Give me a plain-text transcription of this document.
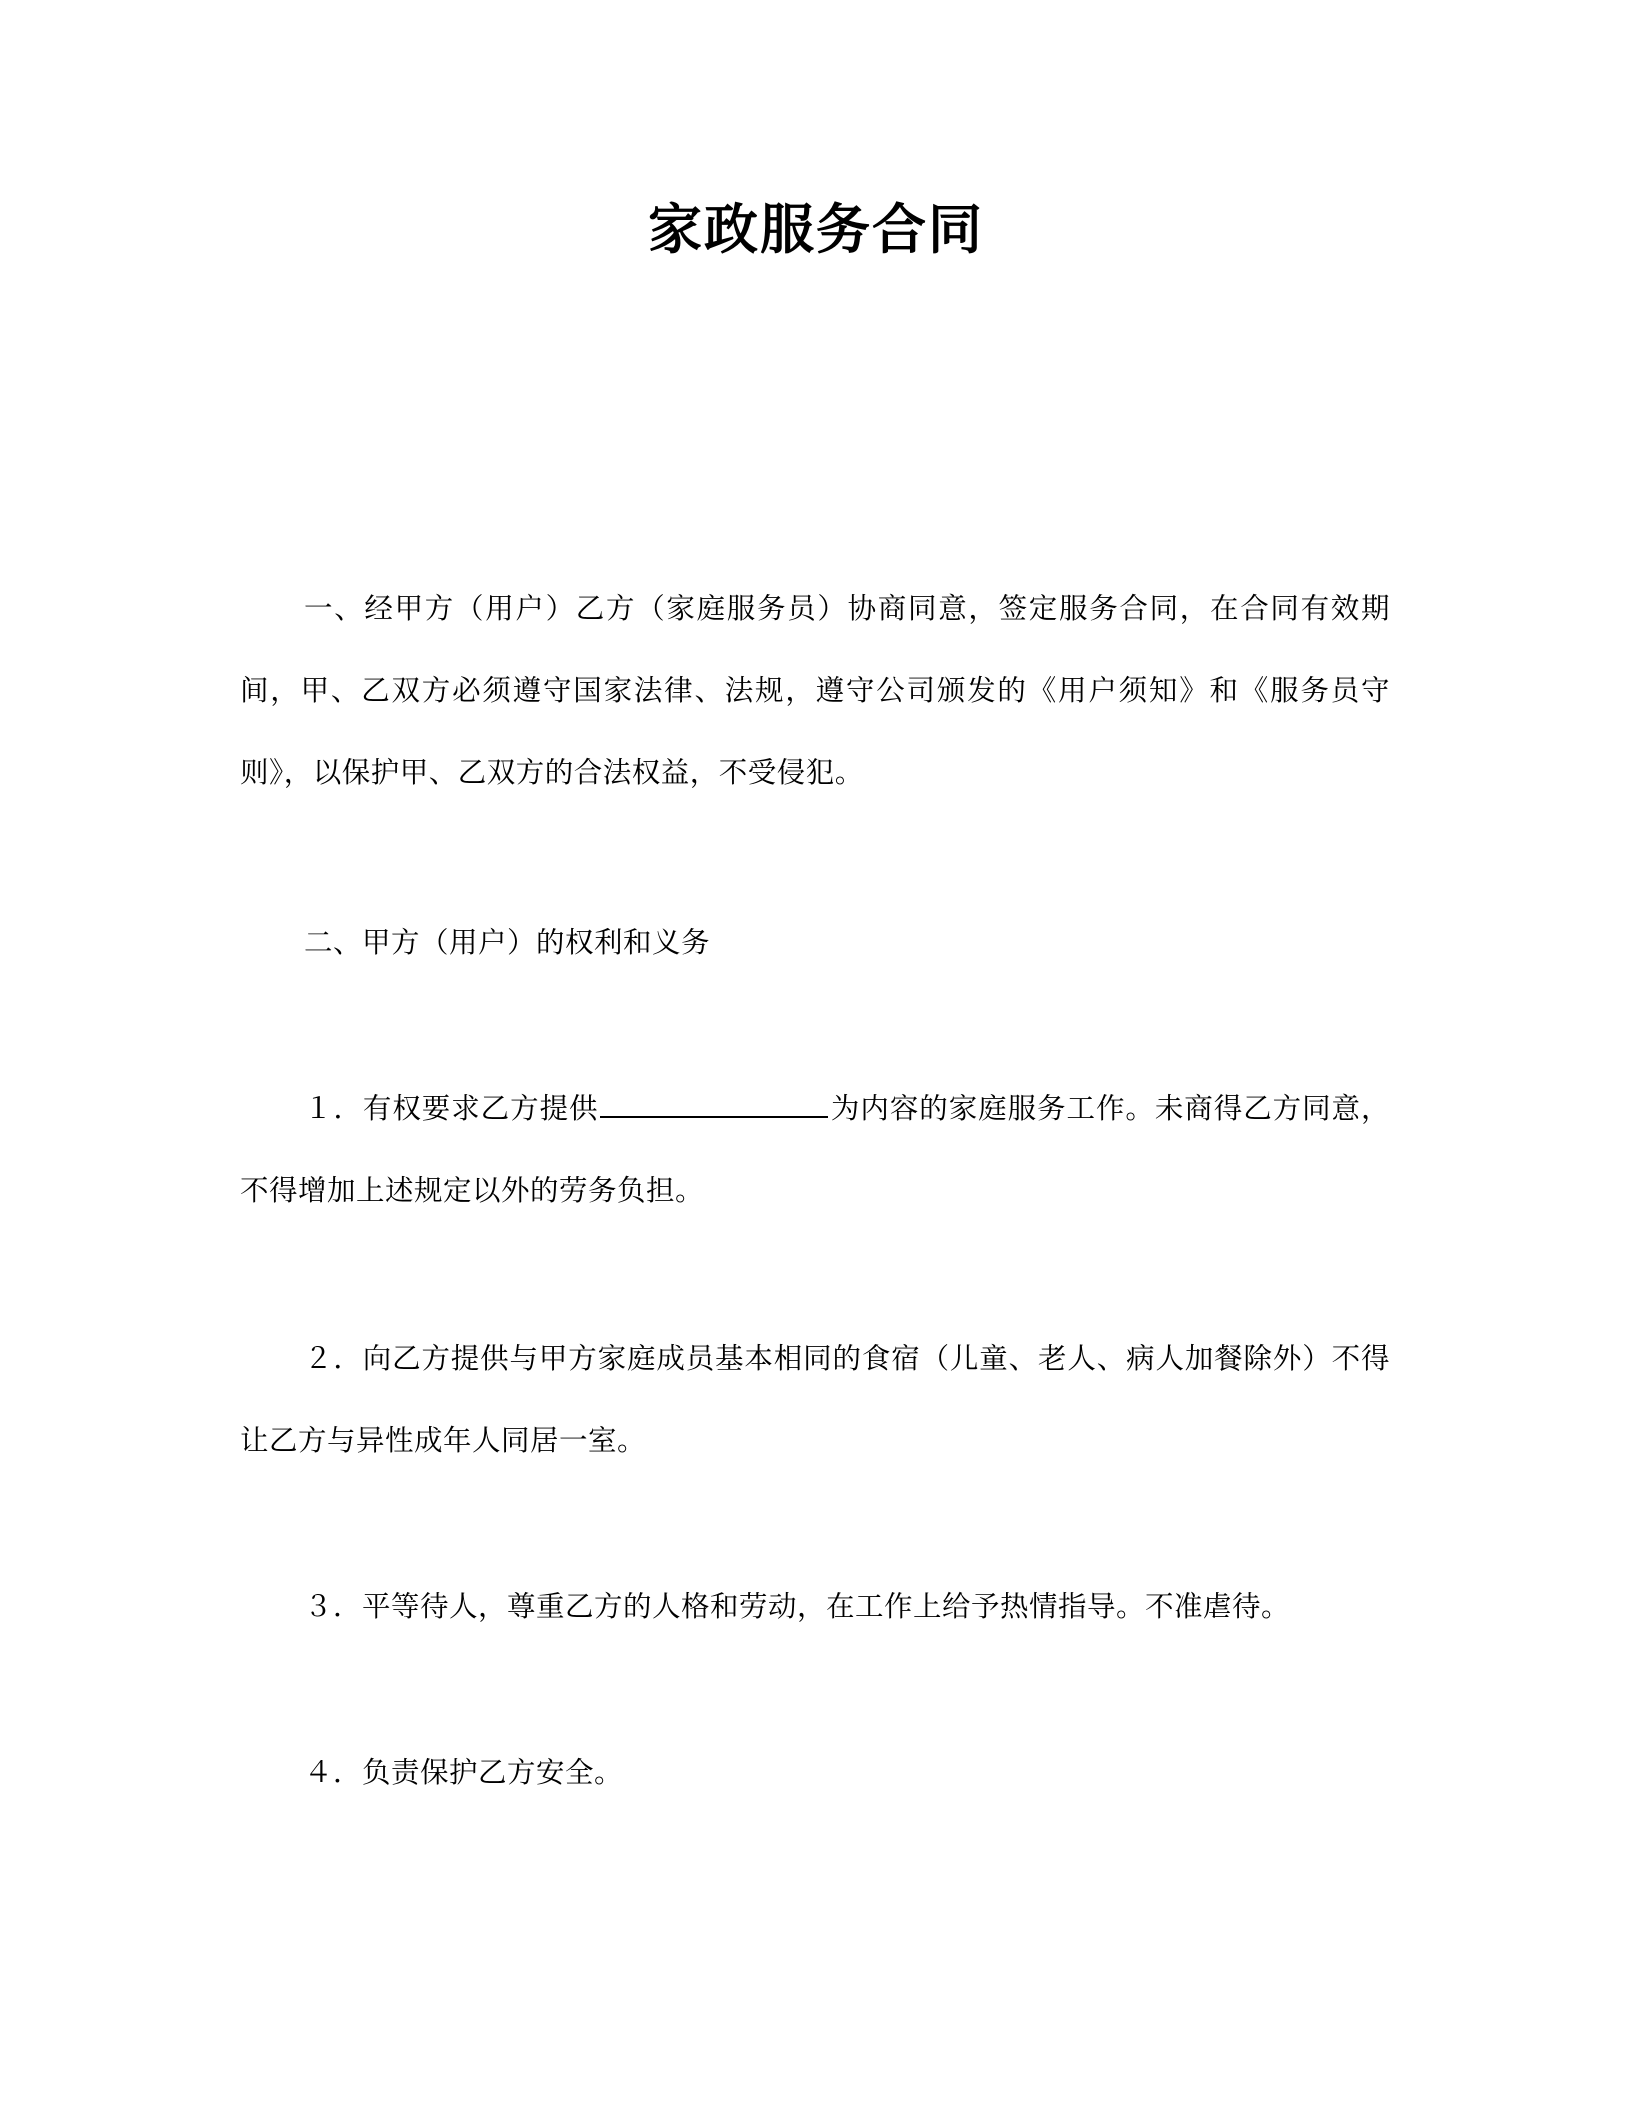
家政服务合同

一、经甲方（用户）乙方（家庭服务员）协商同意，签定服务合同，在合同有效期间，甲、乙双方必须遵守国家法律、法规，遵守公司颁发的《用户须知》和《服务员守则》，以保护甲、乙双方的合法权益，不受侵犯。

二、甲方（用户）的权利和义务

１．有权要求乙方提供	为内容的家庭服务工作。未商得乙方同意，不得增加上述规定以外的劳务负担。

２．向乙方提供与甲方家庭成员基本相同的食宿（儿童、老人、病人加餐除外）不得让乙方与异性成年人同居一室。

３．平等待人，尊重乙方的人格和劳动，在工作上给予热情指导。不准虐待。

４．负责保护乙方安全。
